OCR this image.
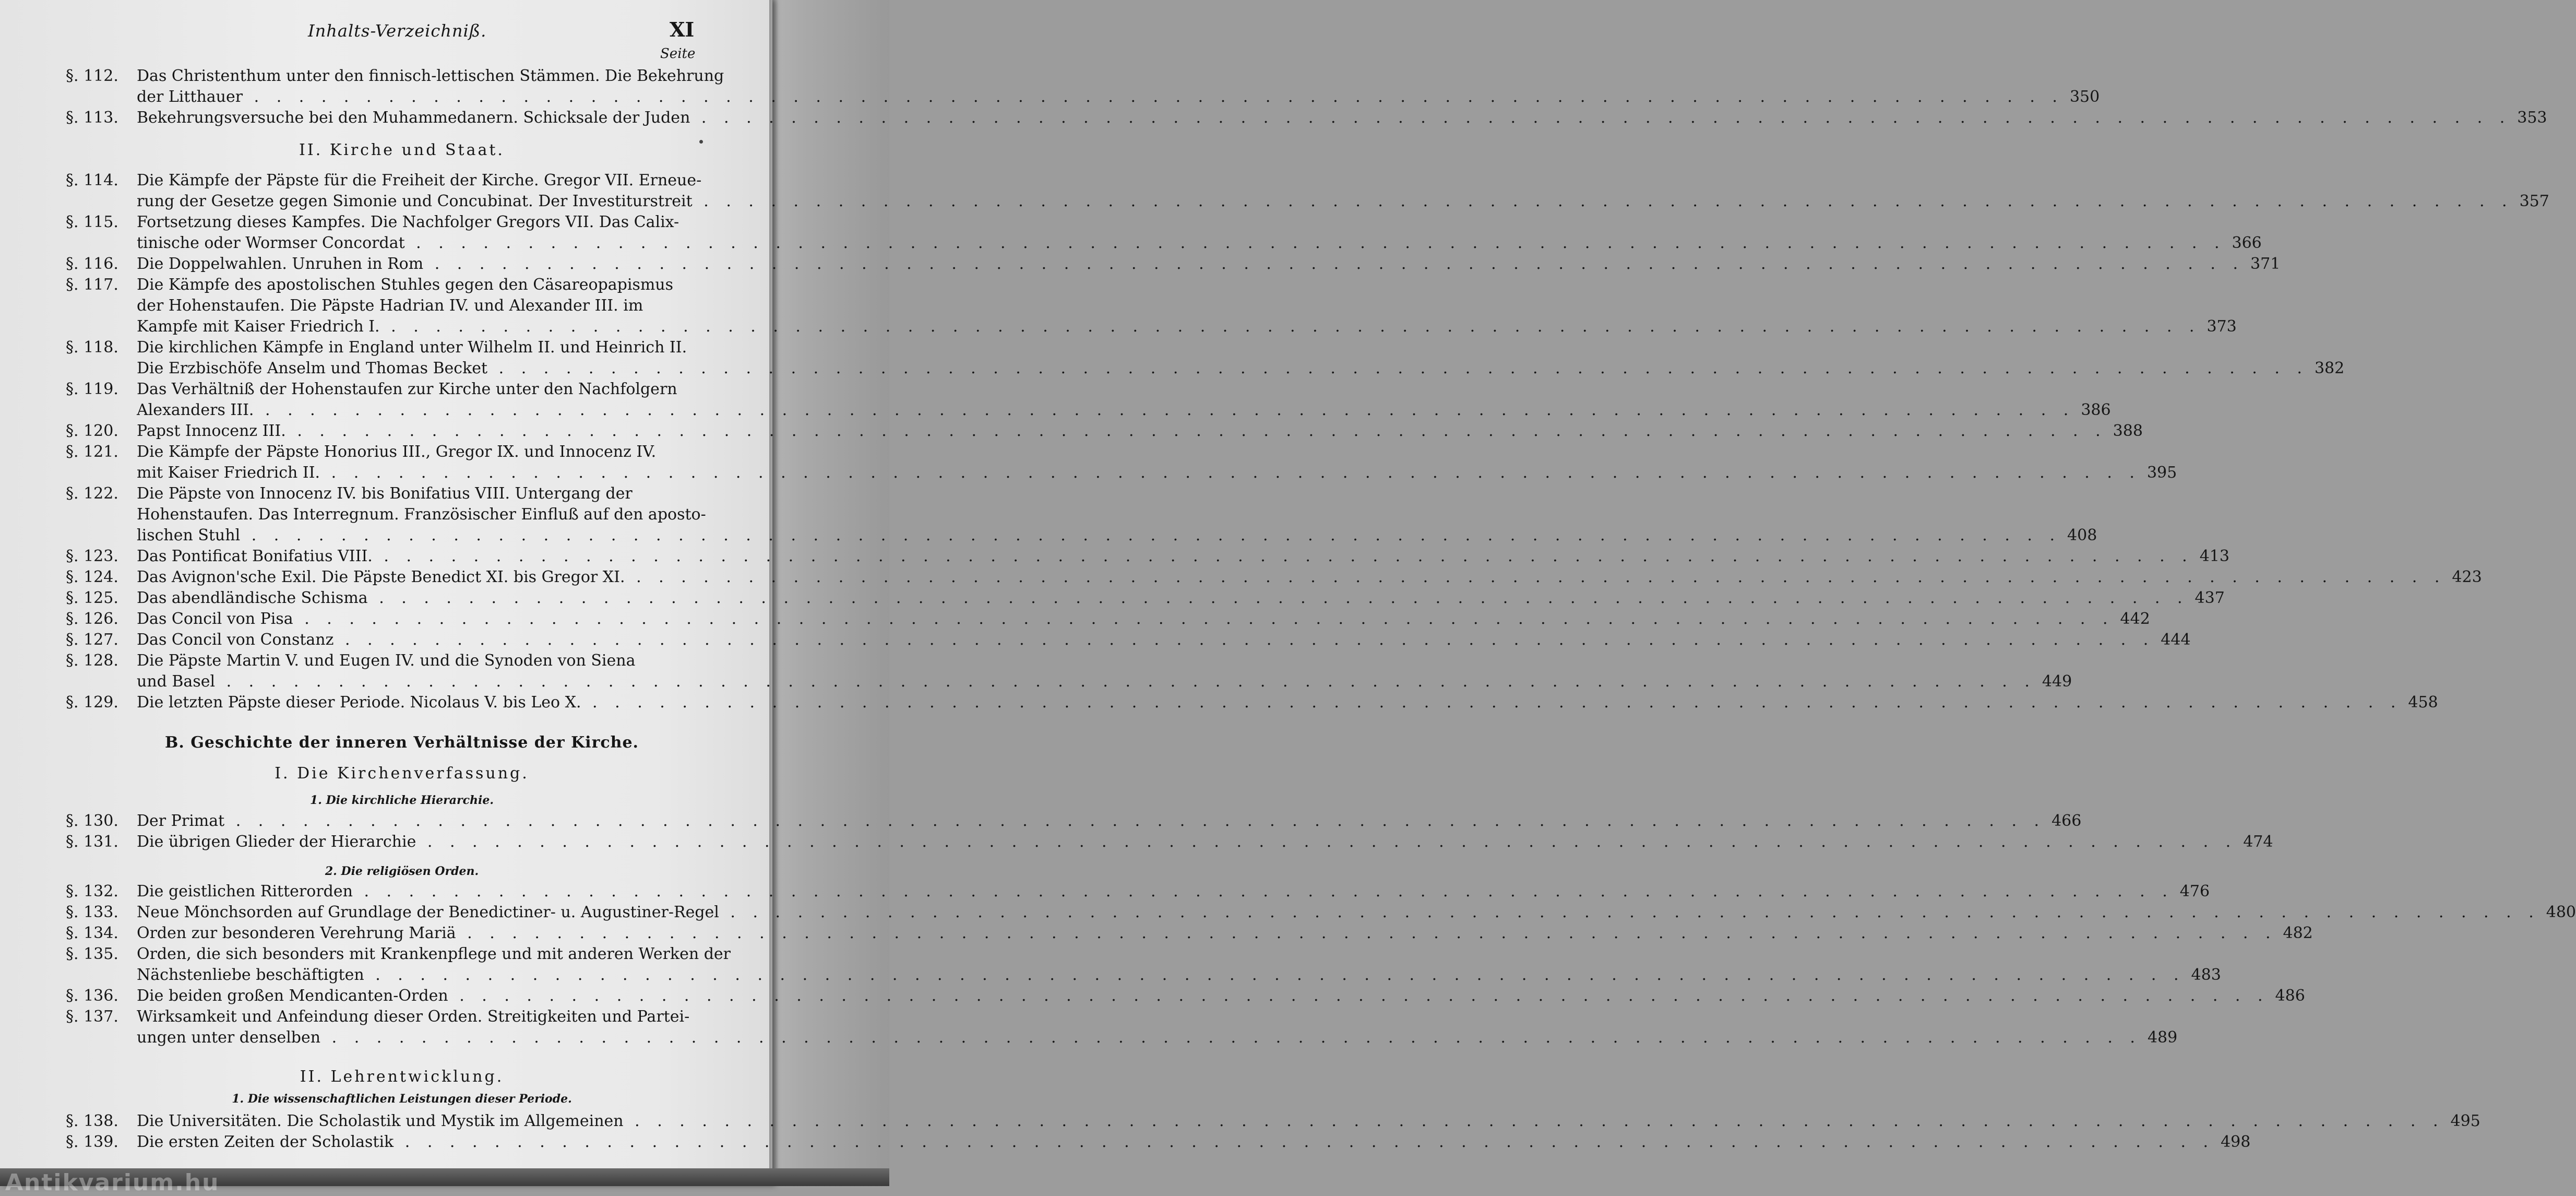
Inhalts-Verzeichniß.	XI
Seite
II. Kirche und Staat.
B. Geschichte der inneren Verhältnisse der Kirche.
I. Die Kirchenverfassung.
1. Die kirchliche Hierarchie.
2. Die religiösen Orden.
II. Lehrentwicklung.
1. Die wissenschaftlichen Leistungen dieser Periode.
§. 112.	Das Christenthum unter den finnisch-lettischen Stämmen. Die Bekehrung
der Litthauer . . .	350
§. 113.	Bekehrungsversuche bei den Muhammedanern. Schicksale der Juden . . .	353
§. 114.	Die Kämpfe der Päpste für die Freiheit der Kirche. Gregor VII. Erneue-
rung der Gesetze gegen Simonie und Concubinat. Der Investiturstreit . . .	357
§. 115.	Fortsetzung dieses Kampfes. Die Nachfolger Gregors VII. Das Calix-
tinische oder Wormser Concordat . . .	366
§. 116.	Die Doppelwahlen. Unruhen in Rom . . .	371
§. 117.	Die Kämpfe des apostolischen Stuhles gegen den Cäsareopapismus
der Hohenstaufen. Die Päpste Hadrian IV. und Alexander III. im
Kampfe mit Kaiser Friedrich I. . . .	373
§. 118.	Die kirchlichen Kämpfe in England unter Wilhelm II. und Heinrich II.
Die Erzbischöfe Anselm und Thomas Becket . . .	382
§. 119.	Das Verhältniß der Hohenstaufen zur Kirche unter den Nachfolgern
Alexanders III. . . .	386
§. 120.	Papst Innocenz III. . . .	388
§. 121.	Die Kämpfe der Päpste Honorius III., Gregor IX. und Innocenz IV.
mit Kaiser Friedrich II. . . .	395
§. 122.	Die Päpste von Innocenz IV. bis Bonifatius VIII. Untergang der
Hohenstaufen. Das Interregnum. Französischer Einfluß auf den aposto-
lischen Stuhl . . .	408
§. 123.	Das Pontificat Bonifatius VIII. . . .	413
§. 124.	Das Avignon'sche Exil. Die Päpste Benedict XI. bis Gregor XI. . . .	423
§. 125.	Das abendländische Schisma . . .	437
§. 126.	Das Concil von Pisa . . .	442
§. 127.	Das Concil von Constanz . . .	444
§. 128.	Die Päpste Martin V. und Eugen IV. und die Synoden von Siena
und Basel . . .	449
§. 129.	Die letzten Päpste dieser Periode. Nicolaus V. bis Leo X. . . .	458
§. 130.	Der Primat . . .	466
§. 131.	Die übrigen Glieder der Hierarchie . . .	474
§. 132.	Die geistlichen Ritterorden . . .	476
§. 133.	Neue Mönchsorden auf Grundlage der Benedictiner- u. Augustiner-Regel . . .	480
§. 134.	Orden zur besonderen Verehrung Mariä . . .	482
§. 135.	Orden, die sich besonders mit Krankenpflege und mit anderen Werken der
Nächstenliebe beschäftigten . . .	483
§. 136.	Die beiden großen Mendicanten-Orden . . .	486
§. 137.	Wirksamkeit und Anfeindung dieser Orden. Streitigkeiten und Partei-
ungen unter denselben . . .	489
§. 138.	Die Universitäten. Die Scholastik und Mystik im Allgemeinen . . .	495
§. 139.	Die ersten Zeiten der Scholastik . . .	498
Antikvarium.hu
